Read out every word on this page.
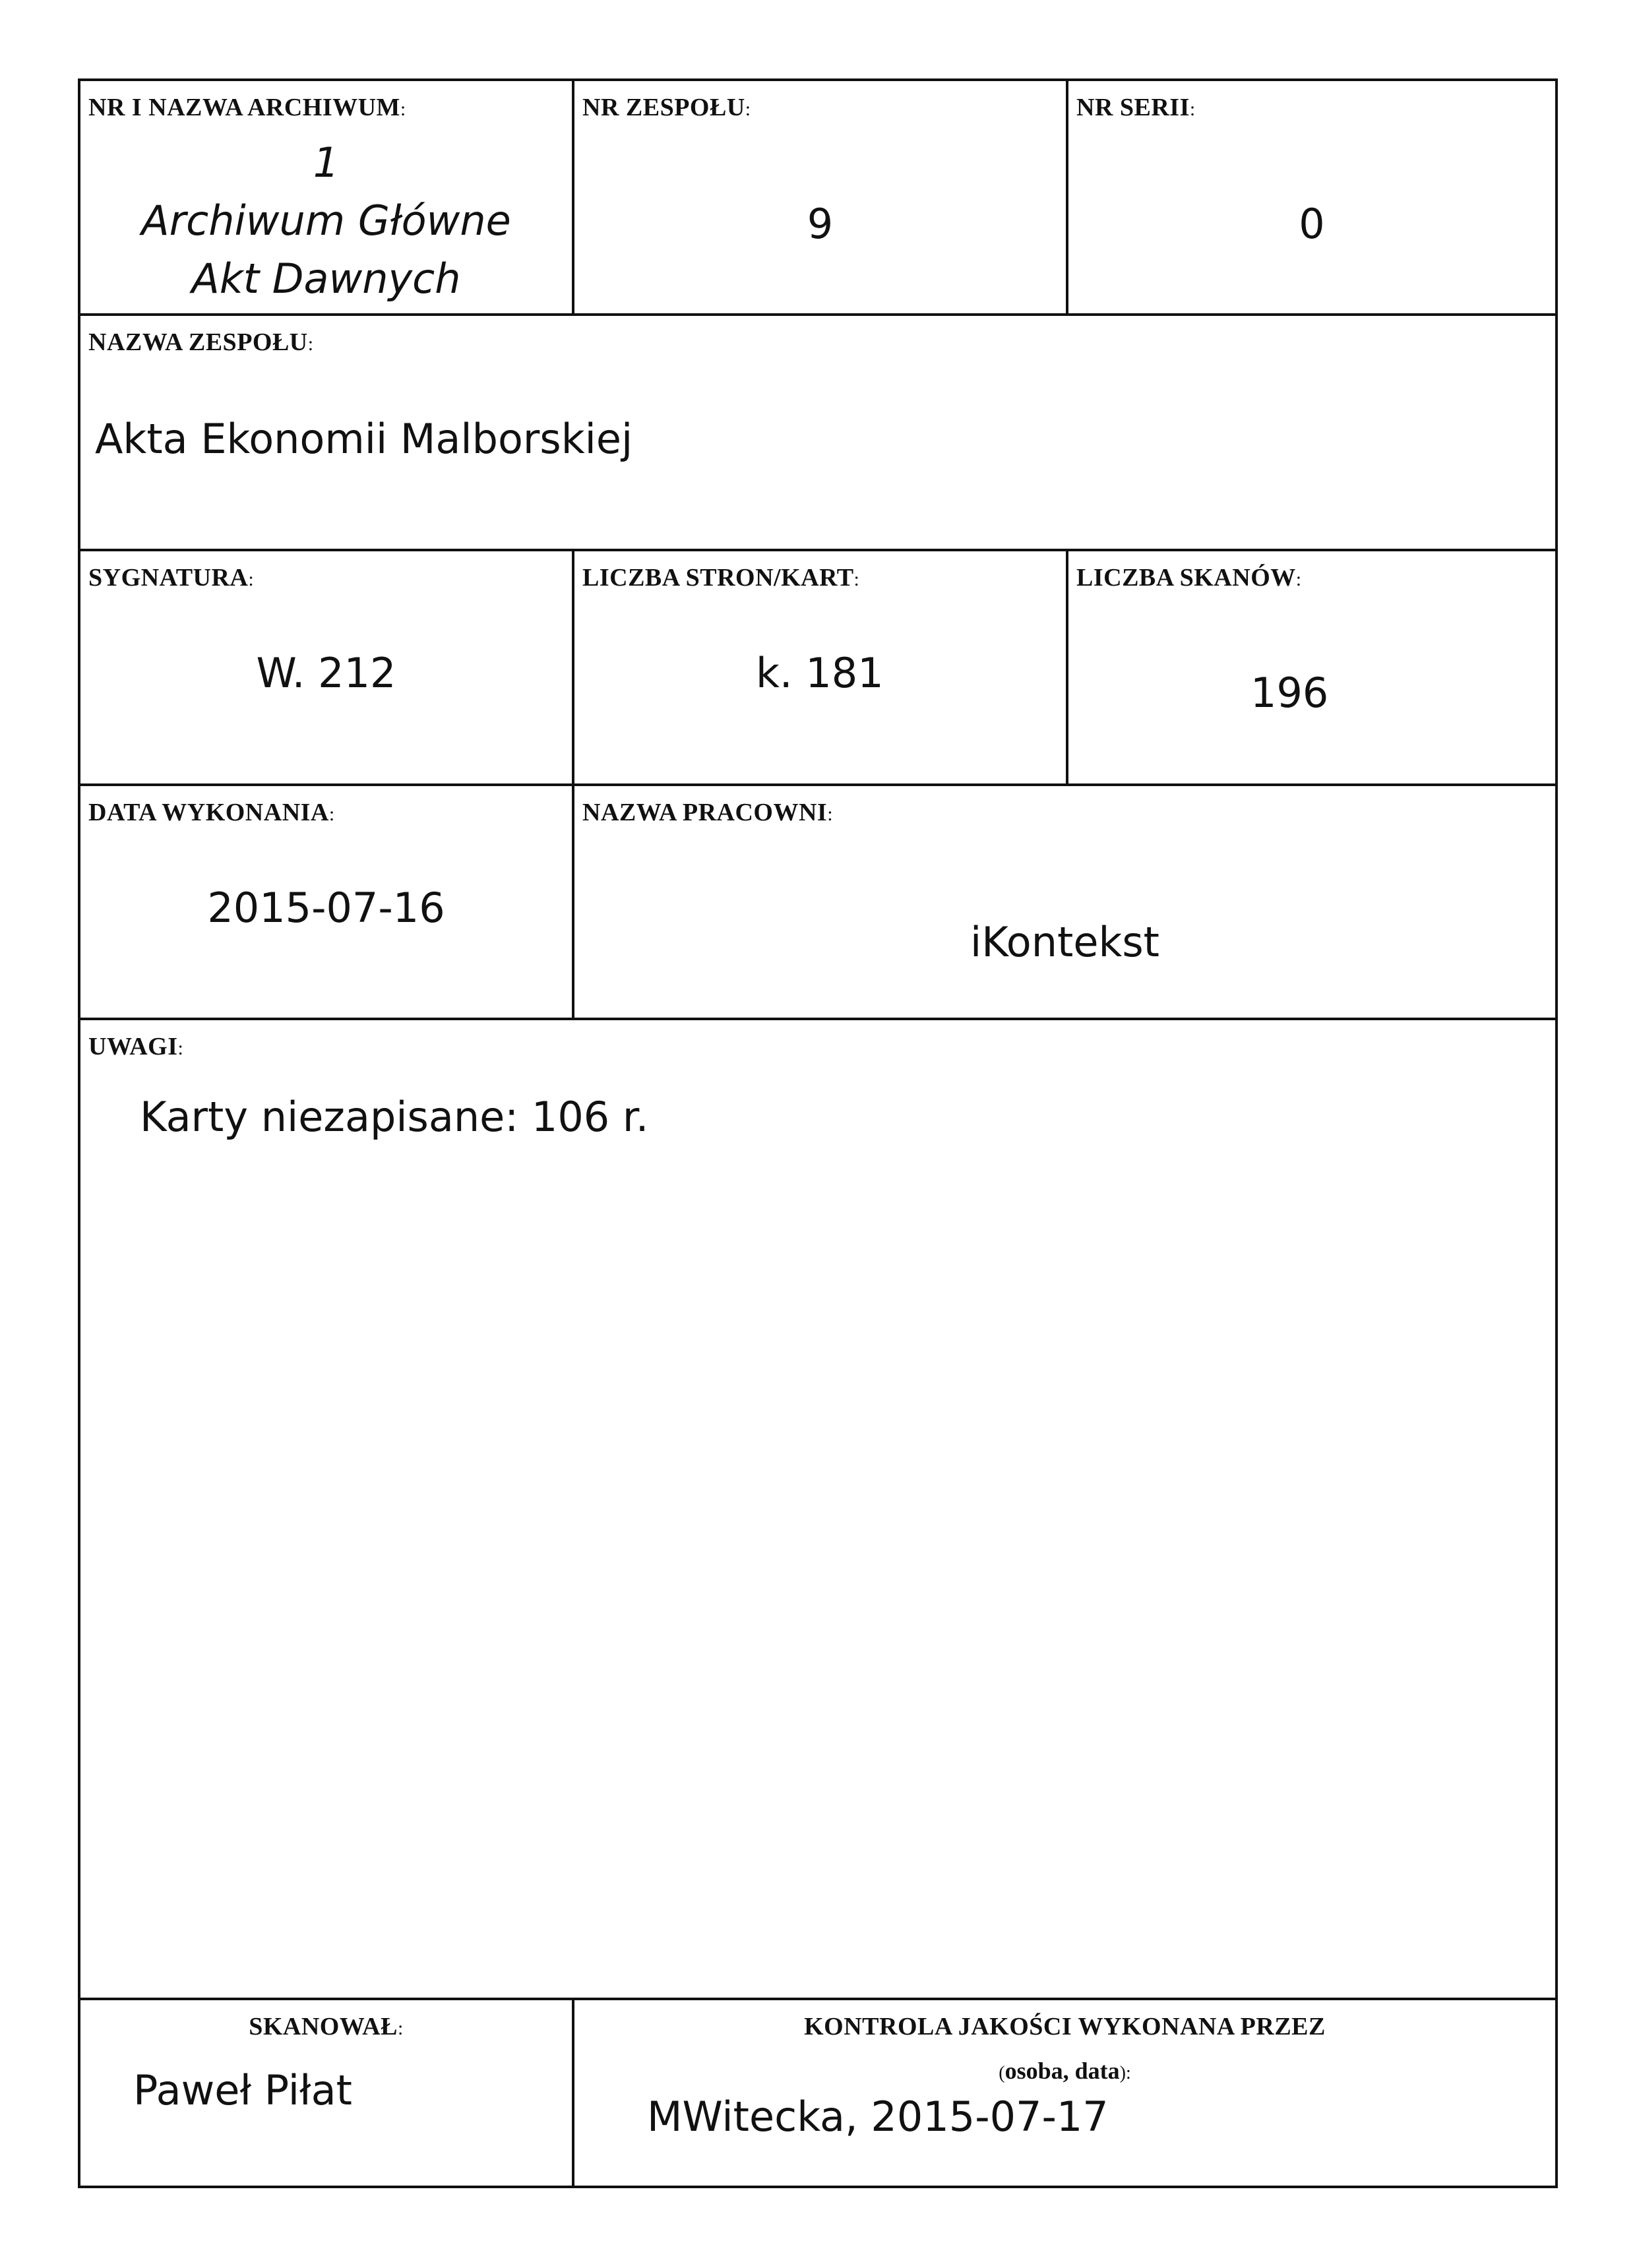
NR I NAZWA ARCHIWUM:
1
Archiwum Główne
Akt Dawnych
NR ZESPOŁU:
9
NR SERII:
0
NAZWA ZESPOŁU:
Akta Ekonomii Malborskiej
SYGNATURA:
W. 212
LICZBA STRON/KART:
k. 181
LICZBA SKANÓW:
196
DATA WYKONANIA:
2015-07-16
NAZWA PRACOWNI:
iKontekst
UWAGI:
Karty niezapisane: 106 r.
SKANOWAŁ:
Paweł Piłat
KONTROLA JAKOŚCI WYKONANA PRZEZ
(osoba, data):
MWitecka, 2015-07-17
